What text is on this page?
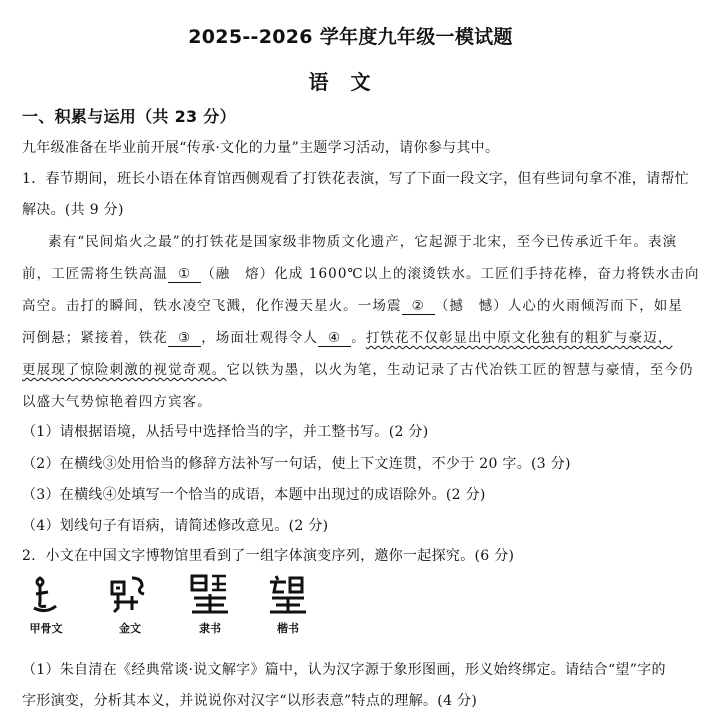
2025--2026 学年度九年级一模试题
语文
一、积累与运用（共 23 分）
九年级准备在毕业前开展“传承·文化的力量”主题学习活动，请你参与其中。
1．春节期间，班长小语在体育馆西侧观看了打铁花表演，写了下面一段文字，但有些词句拿不准，请帮忙
解决。(共 9 分)
素有“民间焰火之最”的打铁花是国家级非物质文化遗产，它起源于北宋，至今已传承近千年。表演
前，工匠需将生铁高温 ① （融　熔）化成 1600℃以上的滚烫铁水。工匠们手持花棒，奋力将铁水击向
高空。击打的瞬间，铁水凌空飞溅，化作漫天星火。一场震 ② （撼　憾）人心的火雨倾泻而下，如星
河倒悬；紧接着，铁花 ③ ，场面壮观得令人 ④ 。打铁花不仅彰显出中原文化独有的粗犷与豪迈，
更展现了惊险刺激的视觉奇观。它以铁为墨，以火为笔，生动记录了古代冶铁工匠的智慧与豪情，至今仍
以盛大气势惊艳着四方宾客。
（1）请根据语境，从括号中选择恰当的字，并工整书写。(2 分)
（2）在横线③处用恰当的修辞方法补写一句话，使上下文连贯，不少于 20 字。(3 分)
（3）在横线④处填写一个恰当的成语，本题中出现过的成语除外。(2 分)
（4）划线句子有语病，请简述修改意见。(2 分)
2．小文在中国文字博物馆里看到了一组字体演变序列，邀你一起探究。(6 分)
甲骨文	金文	隶书	楷书
（1）朱自清在《经典常谈·说文解字》篇中，认为汉字源于象形图画，形义始终绑定。请结合“望”字的
字形演变，分析其本义，并说说你对汉字“以形表意”特点的理解。(4 分)
